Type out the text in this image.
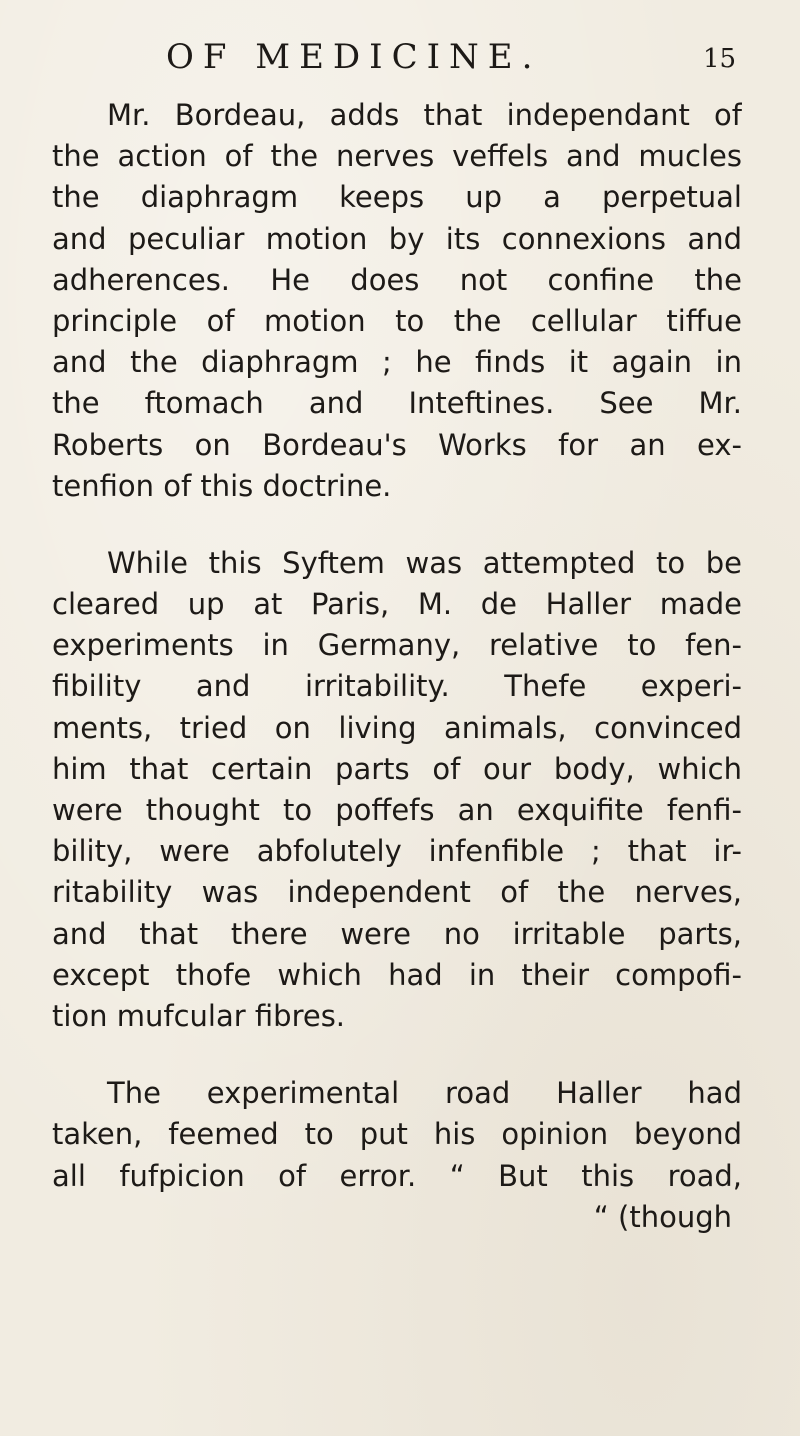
OF MEDICINE.	15
Mr. Bordeau, adds that independant of
the action of the nerves veffels and mucles
the diaphragm keeps up a perpetual
and peculiar motion by its connexions and
adherences. He does not confine the
principle of motion to the cellular tiffue
and the diaphragm ; he finds it again in
the ftomach and Inteftines. See Mr.
Roberts on Bordeau's Works for an ex-
tenfion of this doctrine.
While this Syftem was attempted to be
cleared up at Paris, M. de Haller made
experiments in Germany, relative to fen-
fibility and irritability. Thefe experi-
ments, tried on living animals, convinced
him that certain parts of our body, which
were thought to poffefs an exquifite fenfi-
bility, were abfolutely infenfible ; that ir-
ritability was independent of the nerves,
and that there were no irritable parts,
except thofe which had in their compofi-
tion mufcular fibres.
The experimental road Haller had
taken, feemed to put his opinion beyond
all fufpicion of error. “ But this road,
“ (though
